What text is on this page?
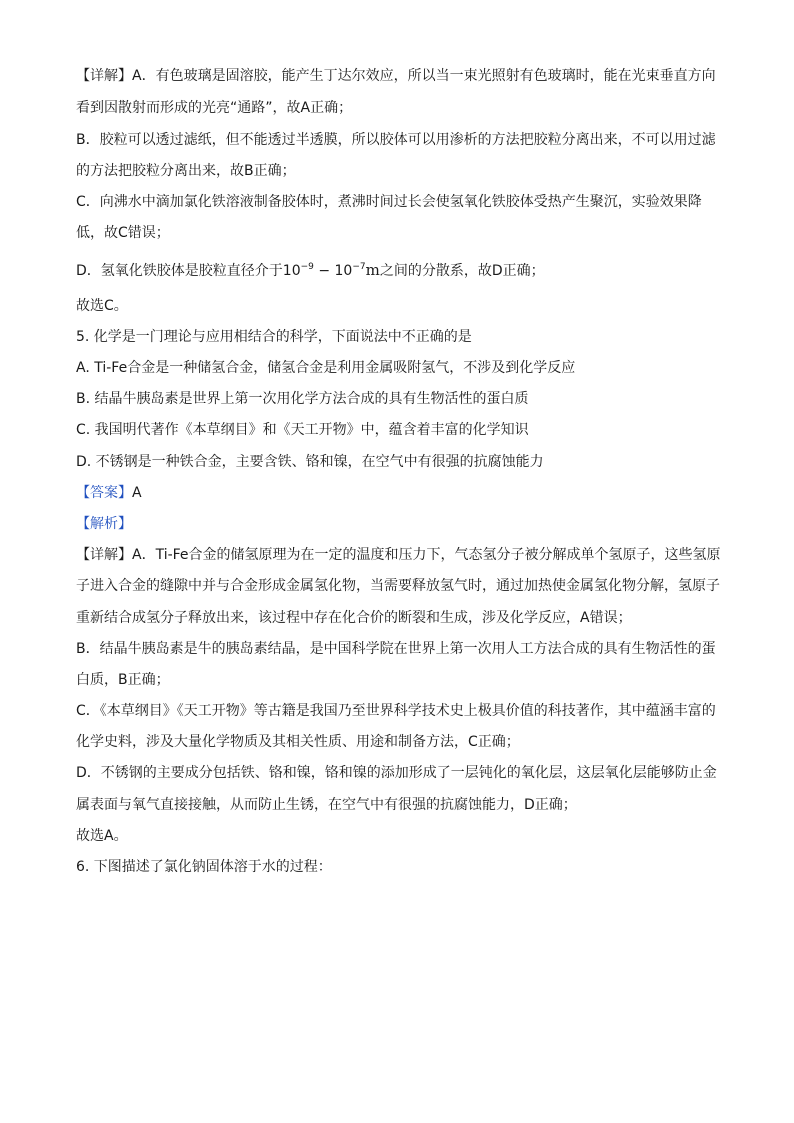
【详解】A．有色玻璃是固溶胶，能产生丁达尔效应，所以当一束光照射有色玻璃时，能在光束垂直方向
看到因散射而形成的光亮“通路”，故A正确；
B．胶粒可以透过滤纸，但不能透过半透膜，所以胶体可以用渗析的方法把胶粒分离出来，不可以用过滤
的方法把胶粒分离出来，故B正确；
C．向沸水中滴加氯化铁溶液制备胶体时，煮沸时间过长会使氢氧化铁胶体受热产生聚沉，实验效果降
低，故C错误；
D．氢氧化铁胶体是胶粒直径介于$10^{-9} - 10^{-7}m$之间的分散系，故D正确；
故选C。
5. 化学是一门理论与应用相结合的科学，下面说法中不正确的是
A. Ti-Fe合金是一种储氢合金，储氢合金是利用金属吸附氢气，不涉及到化学反应
B. 结晶牛胰岛素是世界上第一次用化学方法合成的具有生物活性的蛋白质
C. 我国明代著作《本草纲目》和《天工开物》中，蕴含着丰富的化学知识
D. 不锈钢是一种铁合金，主要含铁、铬和镍，在空气中有很强的抗腐蚀能力
【答案】A
【解析】
【详解】A．Ti-Fe合金的储氢原理为在一定的温度和压力下，气态氢分子被分解成单个氢原子，这些氢原
子进入合金的缝隙中并与合金形成金属氢化物，当需要释放氢气时，通过加热使金属氢化物分解，氢原子
重新结合成氢分子释放出来，该过程中存在化合价的断裂和生成，涉及化学反应，A错误；
B．结晶牛胰岛素是牛的胰岛素结晶，是中国科学院在世界上第一次用人工方法合成的具有生物活性的蛋
白质，B正确；
C．《本草纲目》《天工开物》等古籍是我国乃至世界科学技术史上极具价值的科技著作，其中蕴涵丰富的
化学史料，涉及大量化学物质及其相关性质、用途和制备方法，C正确；
D．不锈钢的主要成分包括铁、铬和镍，铬和镍的添加形成了一层钝化的氧化层，这层氧化层能够防止金
属表面与氧气直接接触，从而防止生锈，在空气中有很强的抗腐蚀能力，D正确；
故选A。
6. 下图描述了氯化钠固体溶于水的过程：
